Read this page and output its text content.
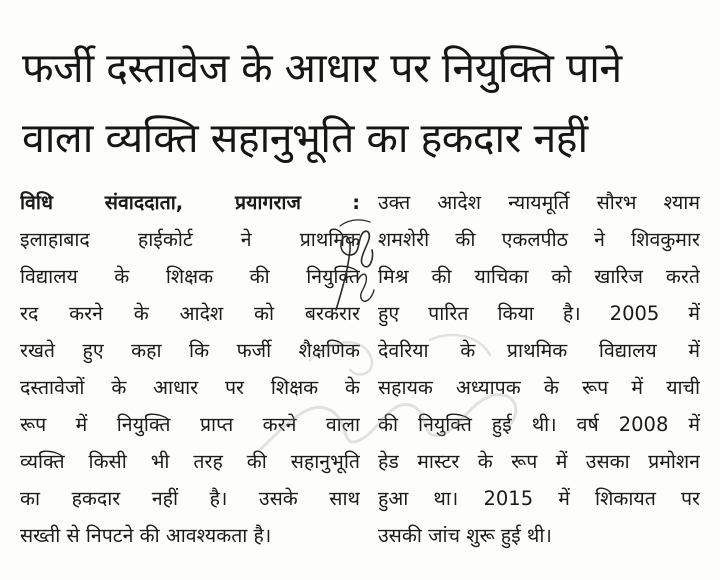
फर्जी दस्तावेज के आधार पर नियुक्ति पाने
वाला व्यक्ति सहानुभूति का हकदार नहीं
विधि संवाददाता, प्रयागराज	:
इलाहाबाद हाईकोर्ट ने प्राथमिक
विद्यालय के शिक्षक की नियुक्ति
रद करने के आदेश को बरकरार
रखते हुए कहा कि फर्जी शैक्षणिक
दस्तावेजों के आधार पर शिक्षक के
रूप में नियुक्ति प्राप्त करने वाला
व्यक्ति किसी भी तरह की सहानुभूति
का हकदार नहीं है। उसके साथ
सख्ती से निपटने की आवश्यकता है।
उक्त आदेश न्यायमूर्ति सौरभ श्याम
शमशेरी की एकलपीठ ने शिवकुमार
मिश्र की याचिका को खारिज करते
हुए पारित किया है। 2005 में
देवरिया के प्राथमिक विद्यालय में
सहायक अध्यापक के रूप में याची
की नियुक्ति हुई थी। वर्ष 2008 में
हेड मास्टर के रूप में उसका प्रमोशन
हुआ था। 2015 में शिकायत पर
उसकी जांच शुरू हुई थी।
